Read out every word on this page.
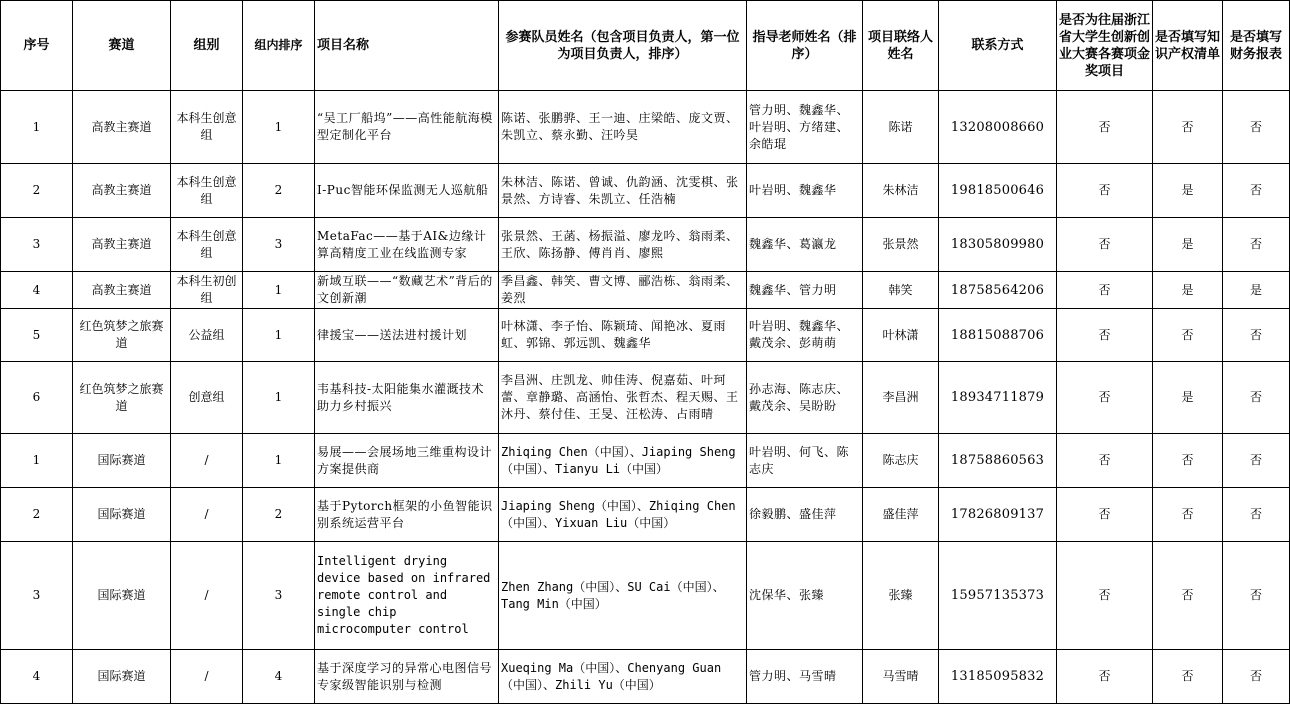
序号	赛道	组别	组内排序	项目名称	参赛队员姓名（包含项目负责人，第一位为项目负责人，排序）	指导老师姓名（排序）	项目联络人姓名	联系方式	是否为往届浙江省大学生创新创业大赛各赛项金奖项目	是否填写知识产权清单	是否填写财务报表
1	高教主赛道	本科生创意组	1	“吴工厂船坞”——高性能航海模型定制化平台	陈诺、张鹏骅、王一迪、庄梁皓、庞文贾、朱凯立、蔡永勤、汪吟昊	管力明、魏鑫华、叶岩明、方绪建、余皓琨	陈诺	13208008660	否	否	否
2	高教主赛道	本科生创意组	2	I-Puc智能环保监测无人巡航船	朱林洁、陈诺、曾诚、仇韵涵、沈雯棋、张景然、方诗睿、朱凯立、任浩楠	叶岩明、魏鑫华	朱林洁	19818500646	否	是	否
3	高教主赛道	本科生创意组	3	MetaFac——基于AI&边缘计算高精度工业在线监测专家	张景然、王菡、杨振溢、廖龙吟、翁雨柔、王欣、陈扬静、傅肖肖、廖熙	魏鑫华、葛瀛龙	张景然	18305809980	否	是	否
4	高教主赛道	本科生初创组	1	新域互联——“数藏艺术”背后的文创新潮	季昌鑫、韩笑、曹文博、郦浩栋、翁雨柔、姜烈	魏鑫华、管力明	韩笑	18758564206	否	是	是
5	红色筑梦之旅赛道	公益组	1	律援宝——送法进村援计划	叶林潇、李子怡、陈颖琦、闻艳冰、夏雨虹、郭锦、郭远凯、魏鑫华	叶岩明、魏鑫华、戴茂余、彭萌萌	叶林潇	18815088706	否	否	否
6	红色筑梦之旅赛道	创意组	1	韦基科技-太阳能集水灌溉技术助力乡村振兴	李昌洲、庄凯龙、帅佳涛、倪嘉茹、叶珂蕾、章静璐、高涵怡、张哲杰、程天赐、王沐丹、蔡付佳、王旻、汪松涛、占雨晴	孙志海、陈志庆、戴茂余、吴盼盼	李昌洲	18934711879	否	是	否
1	国际赛道	/	1	易展——会展场地三维重构设计方案提供商	Zhiqing Chen（中国）、Jiaping Sheng（中国）、Tianyu Li（中国）	叶岩明、何飞、陈志庆	陈志庆	18758860563	否	否	否
2	国际赛道	/	2	基于Pytorch框架的小鱼智能识别系统运营平台	Jiaping Sheng（中国）、Zhiqing Chen（中国）、Yixuan Liu（中国）	徐毅鹏、盛佳萍	盛佳萍	17826809137	否	否	否
3	国际赛道	/	3	Intelligent drying device based on infrared remote control and single chip microcomputer control	Zhen Zhang（中国）、SU Cai（中国）、Tang Min（中国）	沈保华、张臻	张臻	15957135373	否	否	否
4	国际赛道	/	4	基于深度学习的异常心电图信号专家级智能识别与检测	Xueqing Ma（中国）、Chenyang Guan（中国）、Zhili Yu（中国）	管力明、马雪晴	马雪晴	13185095832	否	否	否
